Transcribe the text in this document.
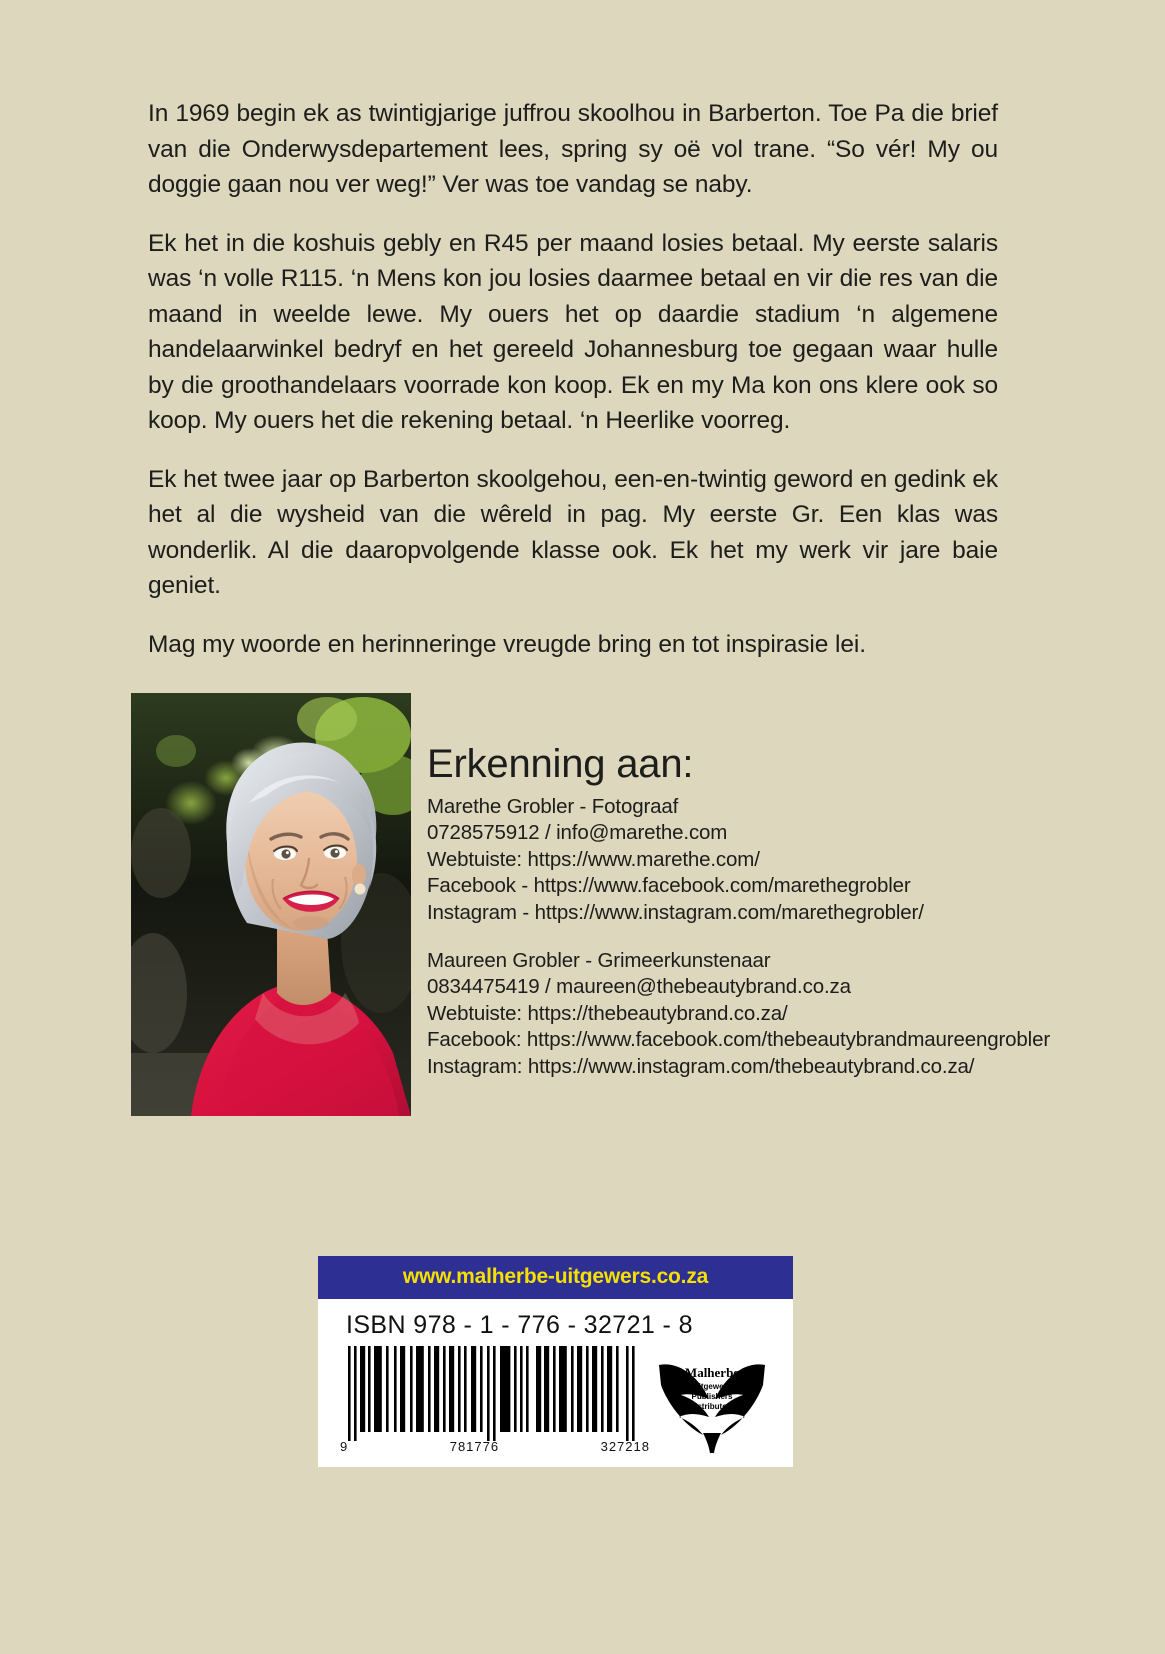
In 1969 begin ek as twintigjarige juffrou skoolhou in Barberton. Toe Pa die brief van die Onderwysdepartement lees, spring sy oë vol trane. “So vér! My ou doggie gaan nou ver weg!” Ver was toe vandag se naby.

Ek het in die koshuis gebly en R45 per maand losies betaal. My eerste salaris was ‘n volle R115. ‘n Mens kon jou losies daarmee betaal en vir die res van die maand in weelde lewe. My ouers het op daardie stadium ‘n algemene handelaarwinkel bedryf en het gereeld Johannesburg toe gegaan waar hulle by die groothandelaars voorrade kon koop. Ek en my Ma kon ons klere ook so koop. My ouers het die rekening betaal. ‘n Heerlike voorreg.

Ek het twee jaar op Barberton skoolgehou, een-en-twintig geword en gedink ek het al die wysheid van die wêreld in pag. My eerste Gr. Een klas was wonderlik. Al die daaropvolgende klasse ook. Ek het my werk vir jare baie geniet.

Mag my woorde en herinneringe vreugde bring en tot inspirasie lei.

Erkenning aan:
Marethe Grobler - Fotograaf
0728575912 / info@marethe.com
Webtuiste: https://www.marethe.com/
Facebook - https://www.facebook.com/marethegrobler
Instagram - https://www.instagram.com/marethegrobler/
Maureen Grobler - Grimeerkunstenaar
0834475419 / maureen@thebeautybrand.co.za
Webtuiste: https://thebeautybrand.co.za/
Facebook: https://www.facebook.com/thebeautybrandmaureengrobler
Instagram: https://www.instagram.com/thebeautybrand.co.za/
www.malherbe-uitgewers.co.za
ISBN 978 - 1 - 776 - 32721 - 8
9	781776	327218
Malherbe
Uitgewers
Publishers
Distributors
